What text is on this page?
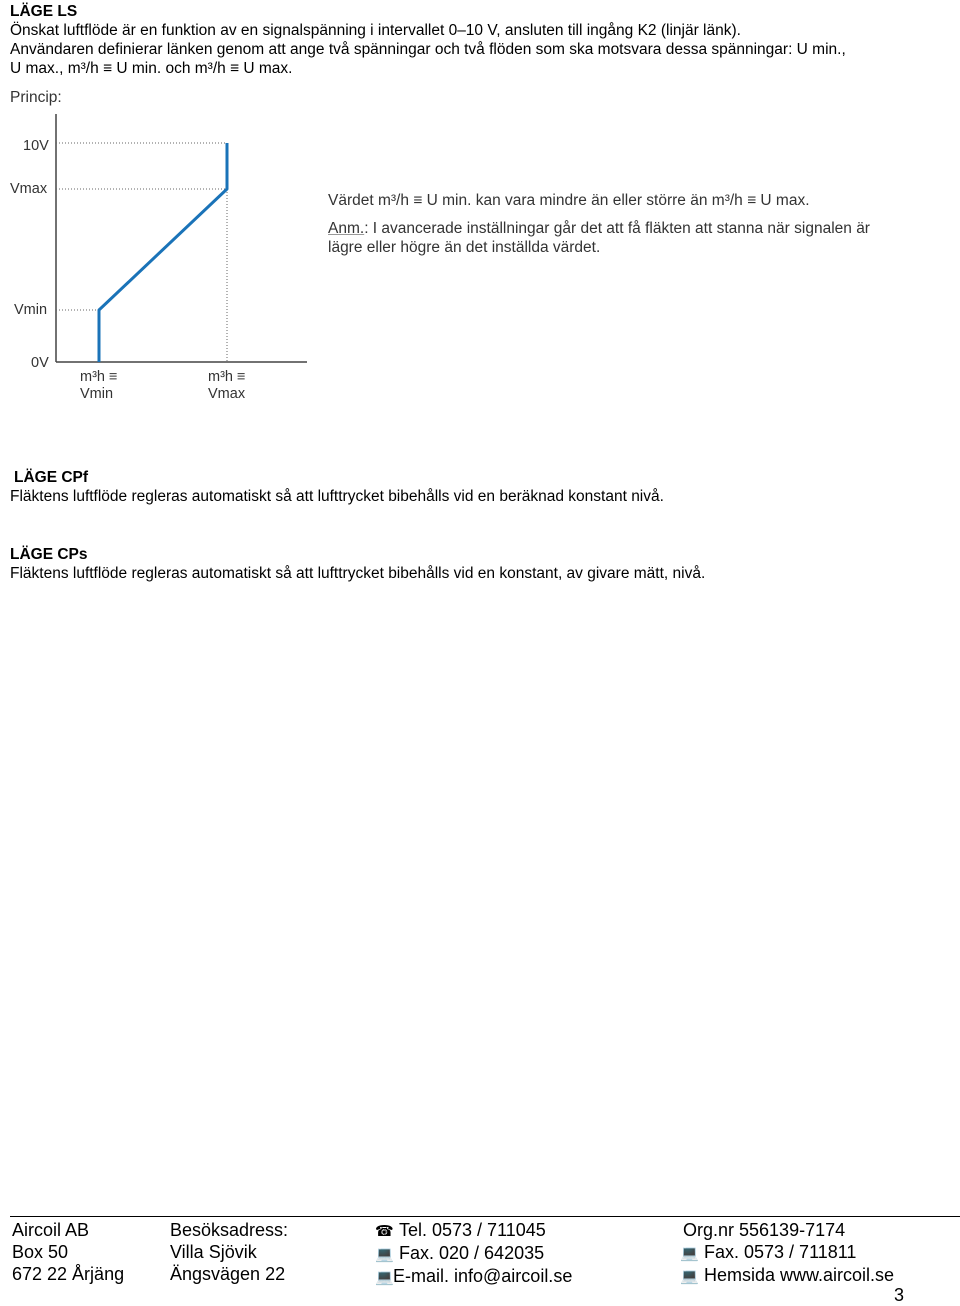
LÄGE LS
Önskat luftflöde är en funktion av en signalspänning i intervallet 0–10 V, ansluten till ingång K2 (linjär länk).
Användaren definierar länken genom att ange två spänningar och två flöden som ska motsvara dessa spänningar: U min.,
U max., m³/h ≡ U min. och m³/h ≡ U max.
Princip:
10V
Vmax
Vmin
0V
m³h ≡
Vmin
m³h ≡
Vmax
Värdet m³/h ≡ U min. kan vara mindre än eller större än m³/h ≡ U max.
Anm.: I avancerade inställningar går det att få fläkten att stanna när signalen är
lägre eller högre än det inställda värdet.
LÄGE CPf
Fläktens luftflöde regleras automatiskt så att lufttrycket bibehålls vid en beräknad konstant nivå.
LÄGE CPs
Fläktens luftflöde regleras automatiskt så att lufttrycket bibehålls vid en konstant, av givare mätt, nivå.
Aircoil AB
Box 50
672 22 Årjäng
Besöksadress:
Villa Sjövik
Ängsvägen 22
☎ Tel. 0573 / 711045
💻 Fax. 020 / 642035
💻E-mail. info@aircoil.se
Org.nr 556139-7174
💻 Fax. 0573 / 711811
💻 Hemsida www.aircoil.se
3
